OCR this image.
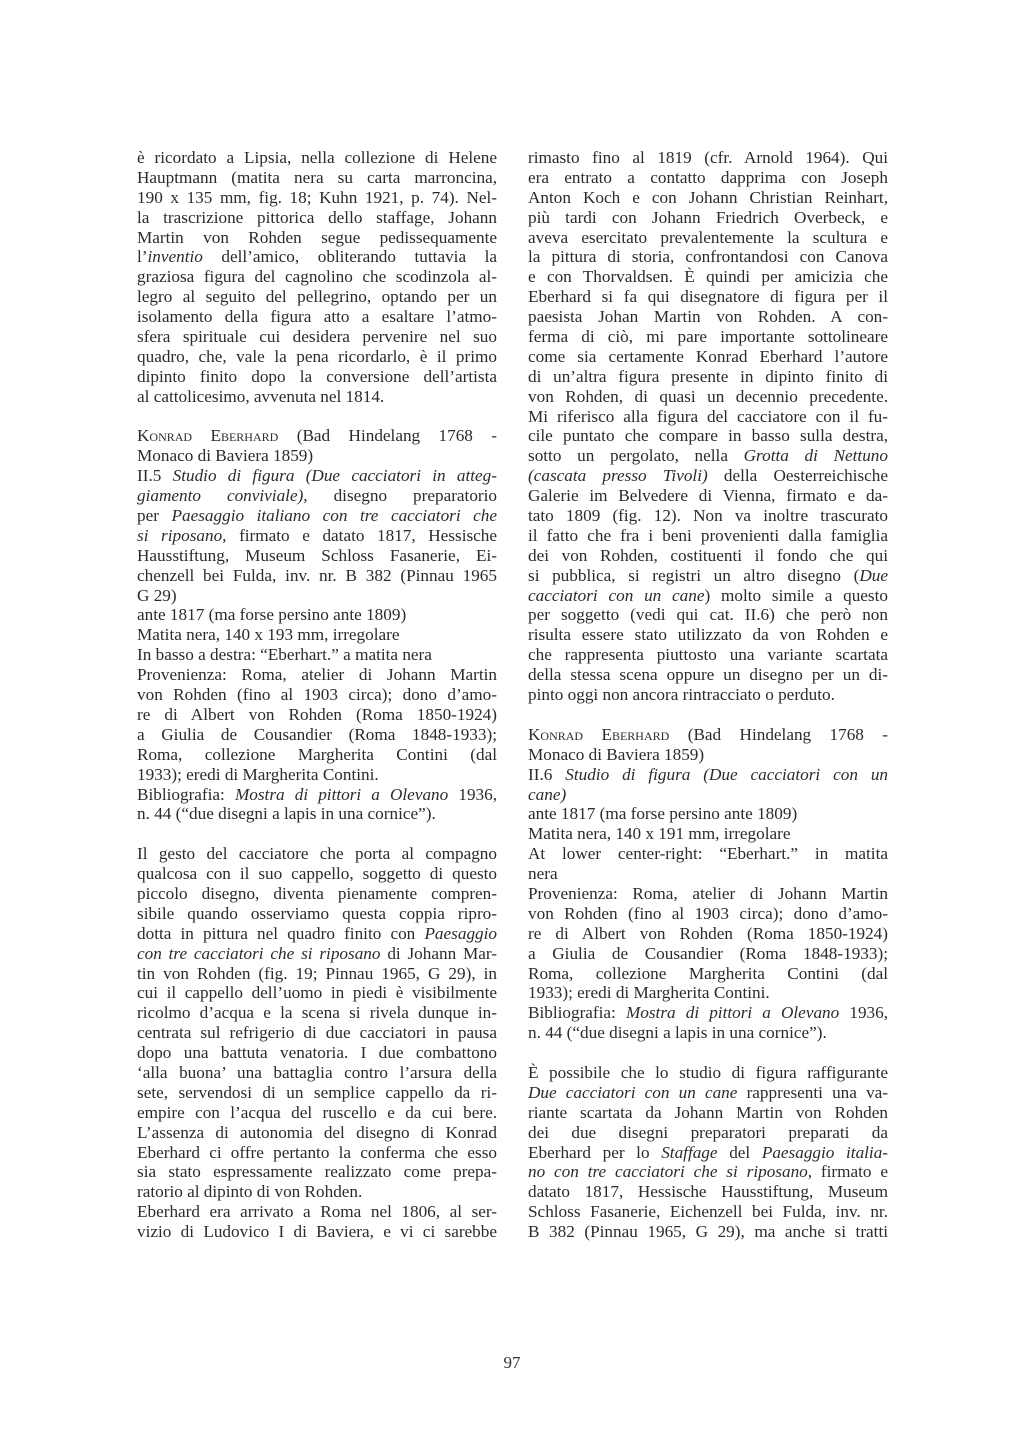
è ricordato a Lipsia, nella collezione di Helene
Hauptmann (matita nera su carta marroncina,
190 x 135 mm, fig. 18; Kuhn 1921, p. 74). Nel-
la trascrizione pittorica dello staffage, Johann
Martin von Rohden segue pedissequamente
l’inventio dell’amico, obliterando tuttavia la
graziosa figura del cagnolino che scodinzola al-
legro al seguito del pellegrino, optando per un
isolamento della figura atto a esaltare l’atmo-
sfera spirituale cui desidera pervenire nel suo
quadro, che, vale la pena ricordarlo, è il primo
dipinto finito dopo la conversione dell’artista
al cattolicesimo, avvenuta nel 1814.
Konrad Eberhard (Bad Hindelang 1768 -
Monaco di Baviera 1859)
II.5 Studio di figura (Due cacciatori in atteg-
giamento conviviale), disegno preparatorio
per Paesaggio italiano con tre cacciatori che
si riposano, firmato e datato 1817, Hessische
Hausstiftung, Museum Schloss Fasanerie, Ei-
chenzell bei Fulda, inv. nr. B 382 (Pinnau 1965
G 29)
ante 1817 (ma forse persino ante 1809)
Matita nera, 140 x 193 mm, irregolare
In basso a destra: “Eberhart.” a matita nera
Provenienza: Roma, atelier di Johann Martin
von Rohden (fino al 1903 circa); dono d’amo-
re di Albert von Rohden (Roma 1850-1924)
a Giulia de Cousandier (Roma 1848-1933);
Roma, collezione Margherita Contini (dal
1933); eredi di Margherita Contini.
Bibliografia: Mostra di pittori a Olevano 1936,
n. 44 (“due disegni a lapis in una cornice”).
Il gesto del cacciatore che porta al compagno
qualcosa con il suo cappello, soggetto di questo
piccolo disegno, diventa pienamente compren-
sibile quando osserviamo questa coppia ripro-
dotta in pittura nel quadro finito con Paesaggio
con tre cacciatori che si riposano di Johann Mar-
tin von Rohden (fig. 19; Pinnau 1965, G 29), in
cui il cappello dell’uomo in piedi è visibilmente
ricolmo d’acqua e la scena si rivela dunque in-
centrata sul refrigerio di due cacciatori in pausa
dopo una battuta venatoria. I due combattono
‘alla buona’ una battaglia contro l’arsura della
sete, servendosi di un semplice cappello da ri-
empire con l’acqua del ruscello e da cui bere.
L’assenza di autonomia del disegno di Konrad
Eberhard ci offre pertanto la conferma che esso
sia stato espressamente realizzato come prepa-
ratorio al dipinto di von Rohden.
Eberhard era arrivato a Roma nel 1806, al ser-
vizio di Ludovico I di Baviera, e vi ci sarebbe
rimasto fino al 1819 (cfr. Arnold 1964). Qui
era entrato a contatto dapprima con Joseph
Anton Koch e con Johann Christian Reinhart,
più tardi con Johann Friedrich Overbeck, e
aveva esercitato prevalentemente la scultura e
la pittura di storia, confrontandosi con Canova
e con Thorvaldsen. È quindi per amicizia che
Eberhard si fa qui disegnatore di figura per il
paesista Johan Martin von Rohden. A con-
ferma di ciò, mi pare importante sottolineare
come sia certamente Konrad Eberhard l’autore
di un’altra figura presente in dipinto finito di
von Rohden, di quasi un decennio precedente.
Mi riferisco alla figura del cacciatore con il fu-
cile puntato che compare in basso sulla destra,
sotto un pergolato, nella Grotta di Nettuno
(cascata presso Tivoli) della Oesterreichische
Galerie im Belvedere di Vienna, firmato e da-
tato 1809 (fig. 12). Non va inoltre trascurato
il fatto che fra i beni provenienti dalla famiglia
dei von Rohden, costituenti il fondo che qui
si pubblica, si registri un altro disegno (Due
cacciatori con un cane) molto simile a questo
per soggetto (vedi qui cat. II.6) che però non
risulta essere stato utilizzato da von Rohden e
che rappresenta piuttosto una variante scartata
della stessa scena oppure un disegno per un di-
pinto oggi non ancora rintracciato o perduto.
Konrad Eberhard (Bad Hindelang 1768 -
Monaco di Baviera 1859)
II.6 Studio di figura (Due cacciatori con un
cane)
ante 1817 (ma forse persino ante 1809)
Matita nera, 140 x 191 mm, irregolare
At lower center-right: “Eberhart.” in matita
nera
Provenienza: Roma, atelier di Johann Martin
von Rohden (fino al 1903 circa); dono d’amo-
re di Albert von Rohden (Roma 1850-1924)
a Giulia de Cousandier (Roma 1848-1933);
Roma, collezione Margherita Contini (dal
1933); eredi di Margherita Contini.
Bibliografia: Mostra di pittori a Olevano 1936,
n. 44 (“due disegni a lapis in una cornice”).
È possibile che lo studio di figura raffigurante
Due cacciatori con un cane rappresenti una va-
riante scartata da Johann Martin von Rohden
dei due disegni preparatori preparati da
Eberhard per lo Staffage del Paesaggio italia-
no con tre cacciatori che si riposano, firmato e
datato 1817, Hessische Hausstiftung, Museum
Schloss Fasanerie, Eichenzell bei Fulda, inv. nr.
B 382 (Pinnau 1965, G 29), ma anche si tratti
97
